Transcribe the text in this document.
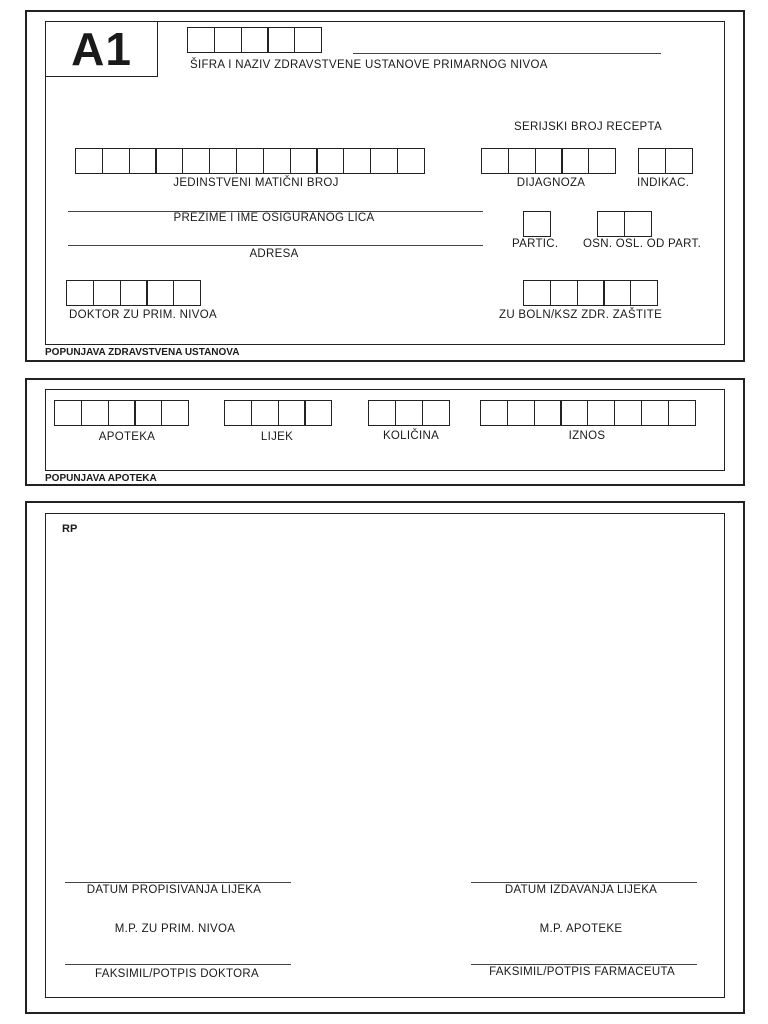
A1	ŠIFRA I NAZIV ZDRAVSTVENE USTANOVE PRIMARNOG NIVOA
SERIJSKI BROJ RECEPTA
JEDINSTVENI MATIČNI BROJ	DIJAGNOZA	INDIKAC.
PREZIME I IME OSIGURANOG LICA
PARTIC. OSN. OSL. OD PART.
ADRESA
DOKTOR ZU PRIM. NIVOA	ZU BOLN/KSZ ZDR. ZAŠTITE
POPUNJAVA ZDRAVSTVENA USTANOVA
APOTEKA	LIJEK	KOLIČINA	IZNOS
POPUNJAVA APOTEKA
RP
DATUM PROPISIVANJA LIJEKA	DATUM IZDAVANJA LIJEKA
M.P. ZU PRIM. NIVOA	M.P. APOTEKE
FAKSIMIL/POTPIS DOKTORA	FAKSIMIL/POTPIS FARMACEUTA
